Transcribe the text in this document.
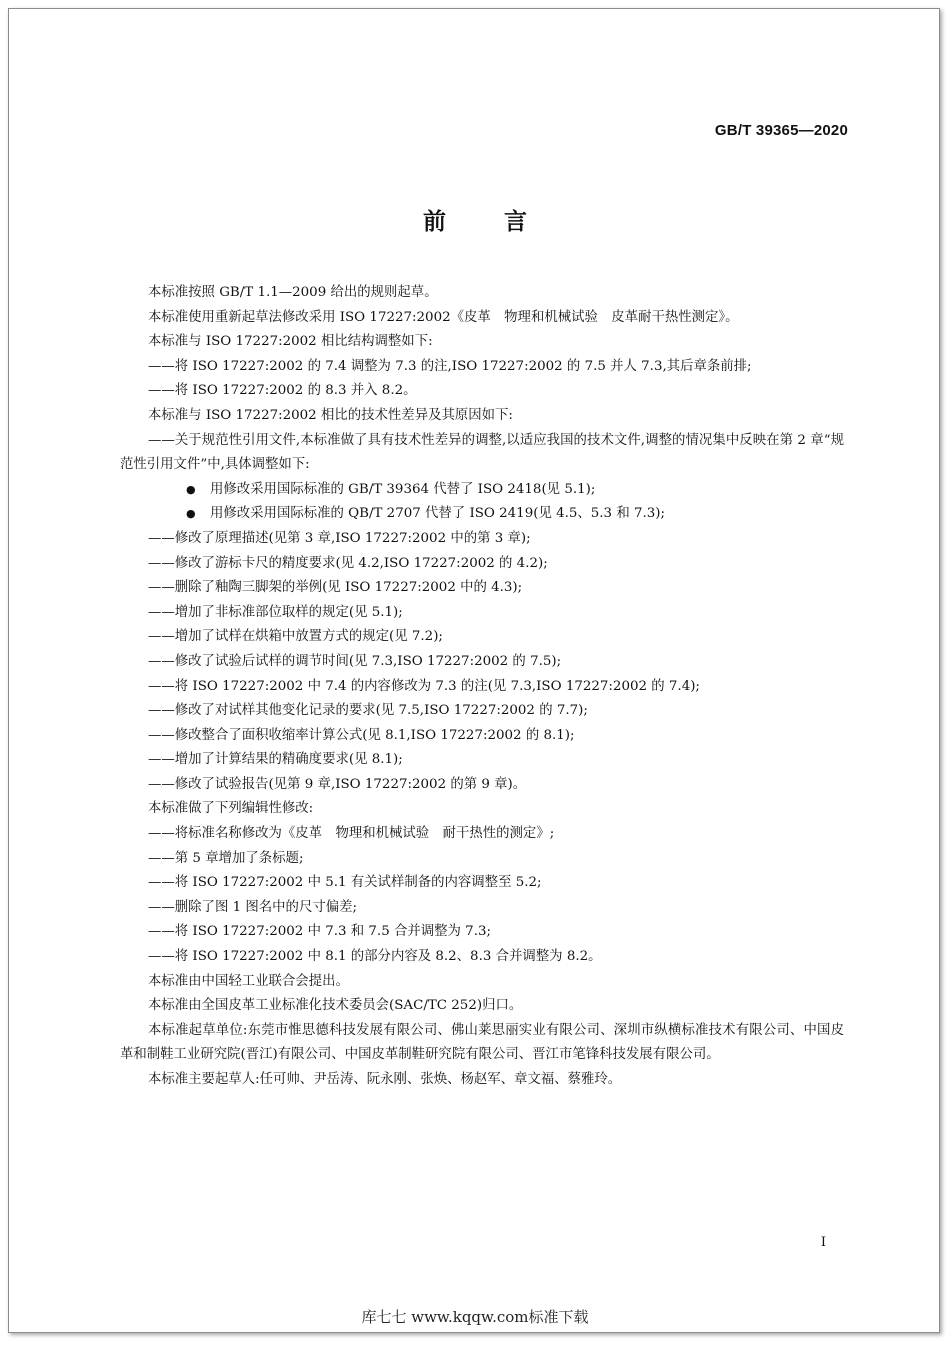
GB/T 39365—2020
前言

本标准按照 GB/T 1.1—2009 给出的规则起草。

本标准使用重新起草法修改采用 ISO 17227:2002《皮革　物理和机械试验　皮革耐干热性测定》。

本标准与 ISO 17227:2002 相比结构调整如下:

——将 ISO 17227:2002 的 7.4 调整为 7.3 的注,ISO 17227:2002 的 7.5 并人 7.3,其后章条前排;

——将 ISO 17227:2002 的 8.3 并入 8.2。

本标准与 ISO 17227:2002 相比的技术性差异及其原因如下:

——关于规范性引用文件,本标准做了具有技术性差异的调整,以适应我国的技术文件,调整的情况集中反映在第 2 章“规范性引用文件”中,具体调整如下:

● 用修改采用国际标准的 GB/T 39364 代替了 ISO 2418(见 5.1);
● 用修改采用国际标准的 QB/T 2707 代替了 ISO 2419(见 4.5、5.3 和 7.3);

——修改了原理描述(见第 3 章,ISO 17227:2002 中的第 3 章);

——修改了游标卡尺的精度要求(见 4.2,ISO 17227:2002 的 4.2);

——删除了釉陶三脚架的举例(见 ISO 17227:2002 中的 4.3);

——增加了非标准部位取样的规定(见 5.1);

——增加了试样在烘箱中放置方式的规定(见 7.2);

——修改了试验后试样的调节时间(见 7.3,ISO 17227:2002 的 7.5);

——将 ISO 17227:2002 中 7.4 的内容修改为 7.3 的注(见 7.3,ISO 17227:2002 的 7.4);

——修改了对试样其他变化记录的要求(见 7.5,ISO 17227:2002 的 7.7);

——修改整合了面积收缩率计算公式(见 8.1,ISO 17227:2002 的 8.1);

——增加了计算结果的精确度要求(见 8.1);

——修改了试验报告(见第 9 章,ISO 17227:2002 的第 9 章)。

本标准做了下列编辑性修改:

——将标准名称修改为《皮革　物理和机械试验　耐干热性的测定》;

——第 5 章增加了条标题;

——将 ISO 17227:2002 中 5.1 有关试样制备的内容调整至 5.2;

——删除了图 1 图名中的尺寸偏差;

——将 ISO 17227:2002 中 7.3 和 7.5 合并调整为 7.3;

——将 ISO 17227:2002 中 8.1 的部分内容及 8.2、8.3 合并调整为 8.2。

本标准由中国轻工业联合会提出。

本标准由全国皮革工业标准化技术委员会(SAC/TC 252)归口。

本标准起草单位:东莞市惟思德科技发展有限公司、佛山莱思丽实业有限公司、深圳市纵横标准技术有限公司、中国皮革和制鞋工业研究院(晋江)有限公司、中国皮革制鞋研究院有限公司、晋江市笔锋科技发展有限公司。

本标准主要起草人:任可帅、尹岳涛、阮永刚、张焕、杨赵军、章文福、蔡雅玲。

I
库七七 www.kqqw.com标准下载
